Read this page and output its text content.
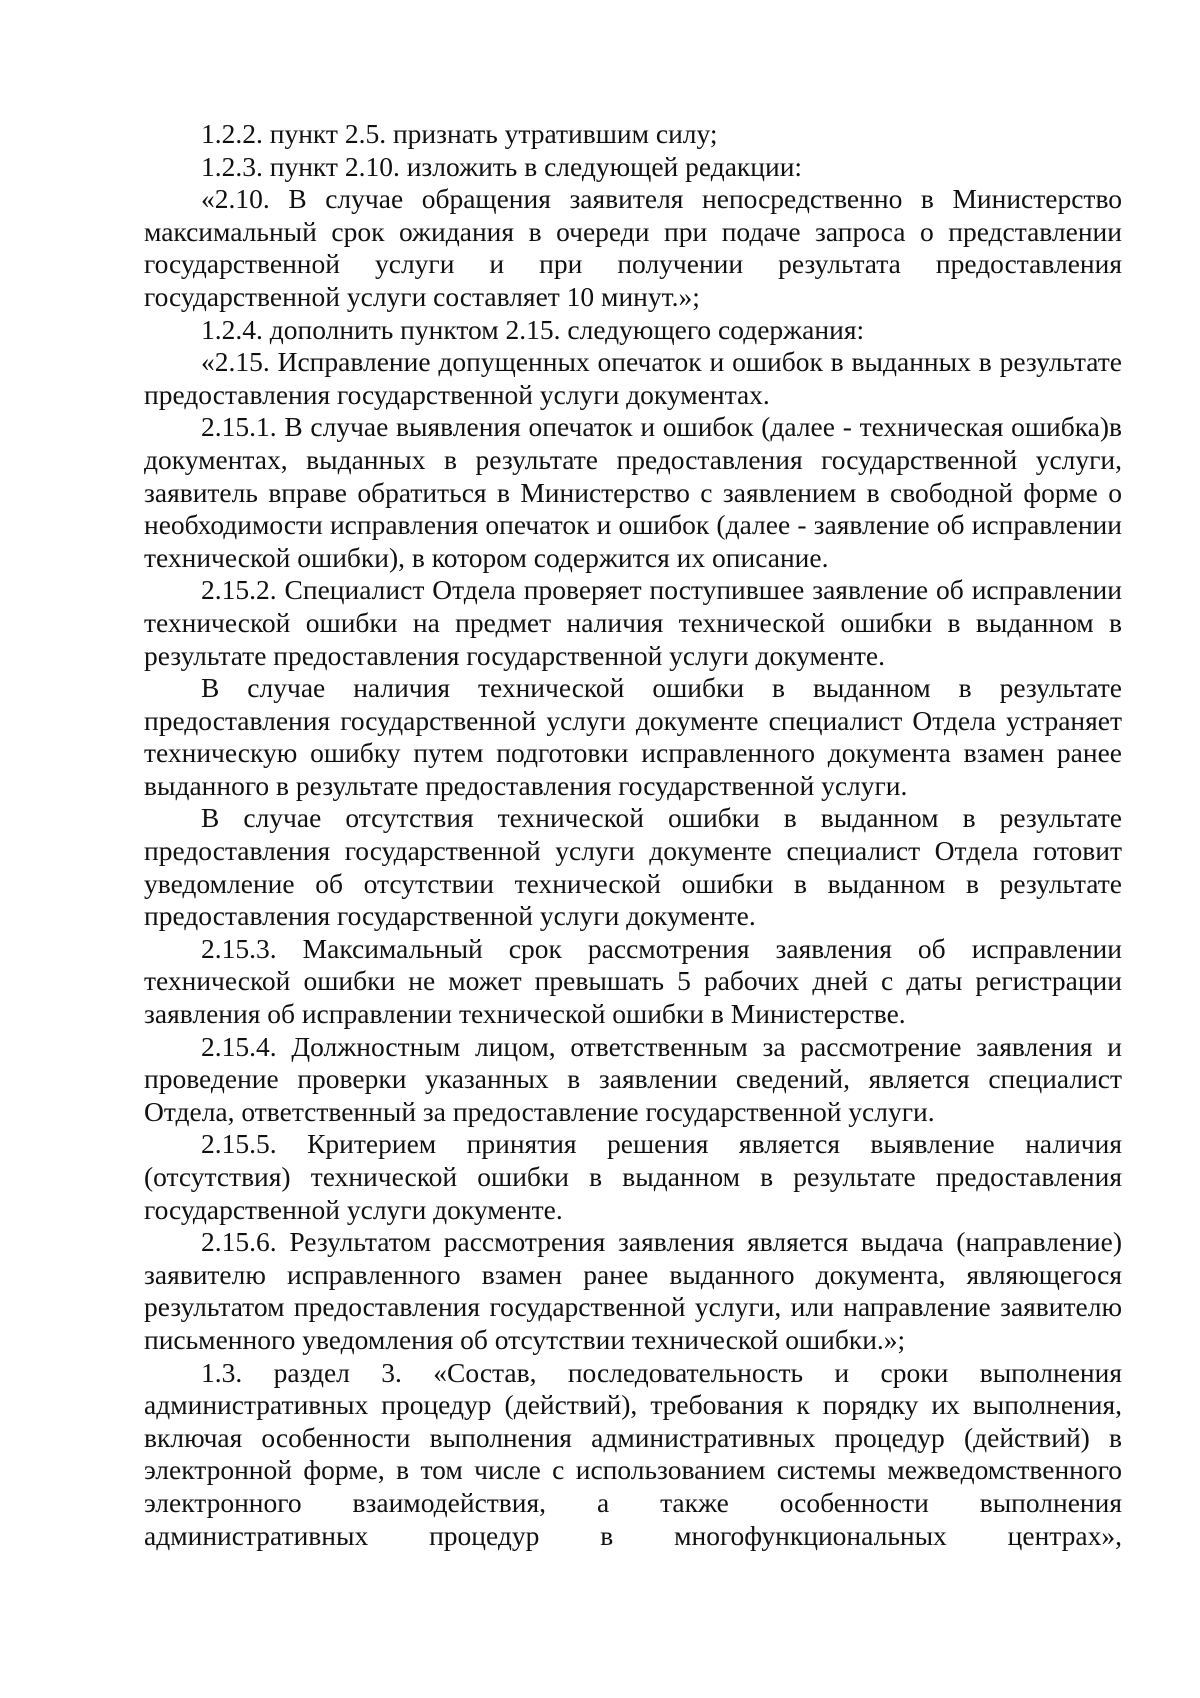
1.2.2. пункт 2.5. признать утратившим силу;

1.2.3. пункт 2.10. изложить в следующей редакции:

«2.10. В случае обращения заявителя непосредственно в Министерство максимальный срок ожидания в очереди при подаче запроса о представлении государственной услуги и при получении результата предоставления государственной услуги составляет 10 минут.»;

1.2.4. дополнить пунктом 2.15. следующего содержания:

«2.15. Исправление допущенных опечаток и ошибок в выданных в результате предоставления государственной услуги документах.

2.15.1. В случае выявления опечаток и ошибок (далее - техническая ошибка)в документах, выданных в результате предоставления государственной услуги, заявитель вправе обратиться в Министерство с заявлением в свободной форме о необходимости исправления опечаток и ошибок (далее - заявление об исправлении технической ошибки), в котором содержится их описание.

2.15.2. Специалист Отдела проверяет поступившее заявление об исправлении технической ошибки на предмет наличия технической ошибки в выданном в результате предоставления государственной услуги документе.

В случае наличия технической ошибки в выданном в результате предоставления государственной услуги документе специалист Отдела устраняет техническую ошибку путем подготовки исправленного документа взамен ранее выданного в результате предоставления государственной услуги.

В случае отсутствия технической ошибки в выданном в результате предоставления государственной услуги документе специалист Отдела готовит уведомление об отсутствии технической ошибки в выданном в результате предоставления государственной услуги документе.

2.15.3. Максимальный срок рассмотрения заявления об исправлении технической ошибки не может превышать 5 рабочих дней с даты регистрации заявления об исправлении технической ошибки в Министерстве.

2.15.4. Должностным лицом, ответственным за рассмотрение заявления и проведение проверки указанных в заявлении сведений, является специалист Отдела, ответственный за предоставление государственной услуги.

2.15.5. Критерием принятия решения является выявление наличия (отсутствия) технической ошибки в выданном в результате предоставления государственной услуги документе.

2.15.6. Результатом рассмотрения заявления является выдача (направление) заявителю исправленного взамен ранее выданного документа, являющегося результатом предоставления государственной услуги, или направление заявителю письменного уведомления об отсутствии технической ошибки.»;

1.3. раздел 3. «Состав, последовательность и сроки выполнения административных процедур (действий), требования к порядку их выполнения, включая особенности выполнения административных процедур (действий) в электронной форме, в том числе с использованием системы межведомственного электронного взаимодействия, а также особенности выполнения административных процедур в многофункциональных центрах»,
